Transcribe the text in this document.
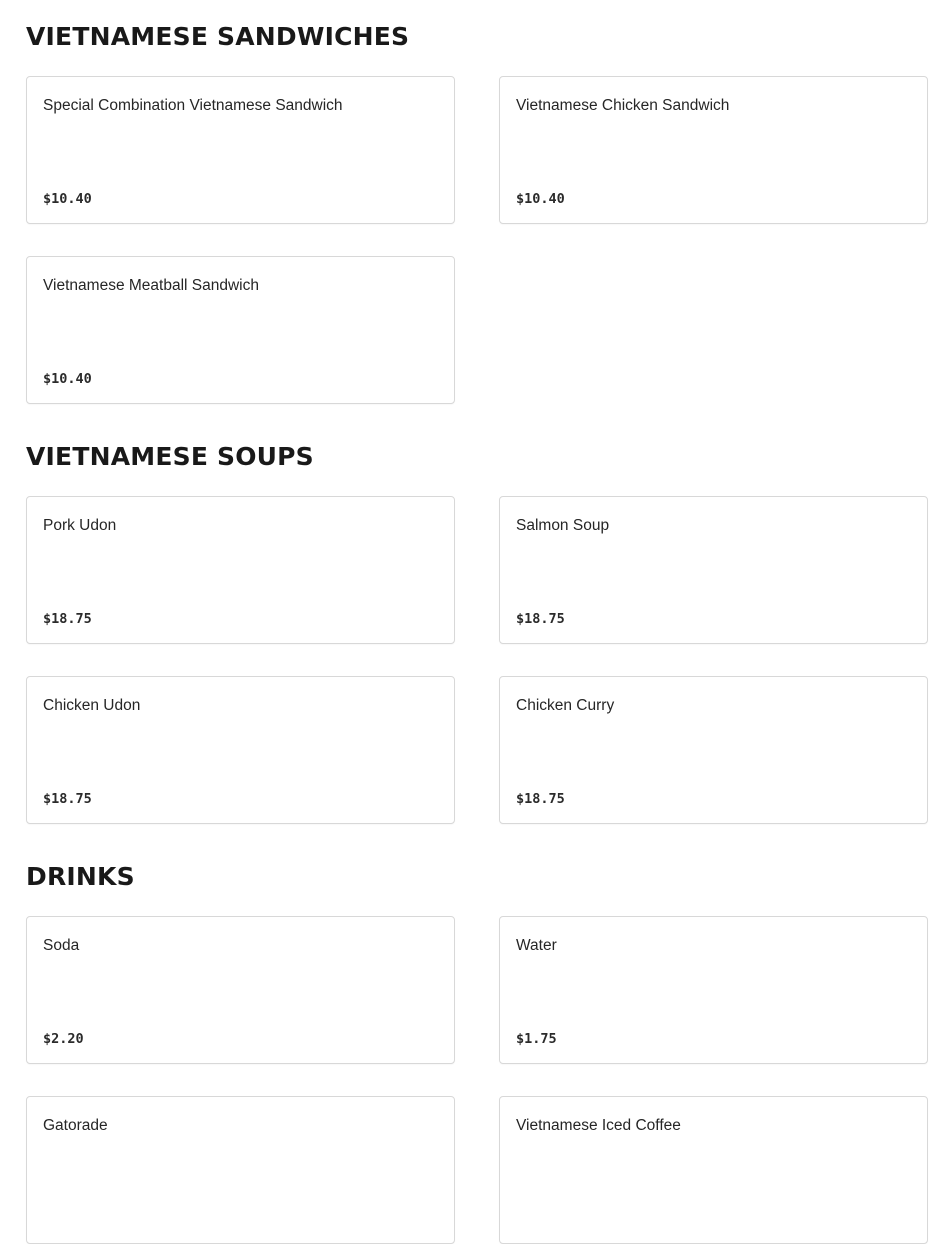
VIETNAMESE SANDWICHES
Special Combination Vietnamese Sandwich
$10.40
Vietnamese Chicken Sandwich
$10.40
Vietnamese Meatball Sandwich
$10.40
VIETNAMESE SOUPS
Pork Udon
$18.75
Salmon Soup
$18.75
Chicken Udon
$18.75
Chicken Curry
$18.75
DRINKS
Soda
$2.20
Water
$1.75
Gatorade	Vietnamese Iced Coffee
